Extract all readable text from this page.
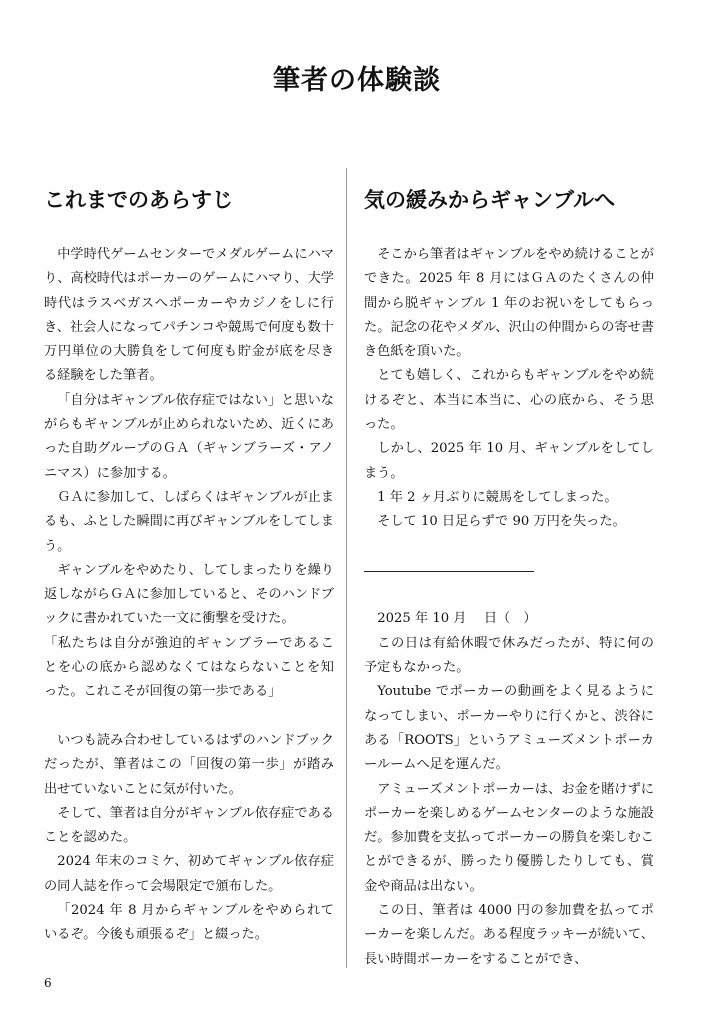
筆者の体験談
これまでのあらすじ

中学時代ゲームセンターでメダルゲームにハマり、高校時代はポーカーのゲームにハマり、大学時代はラスベガスへポーカーやカジノをしに行き、社会人になってパチンコや競馬で何度も数十万円単位の大勝負をして何度も貯金が底を尽きる経験をした筆者。

「自分はギャンブル依存症ではない」と思いながらもギャンブルが止められないため、近くにあった自助グループのＧＡ（ギャンブラーズ・アノニマス）に参加する。

ＧＡに参加して、しばらくはギャンブルが止まるも、ふとした瞬間に再びギャンブルをしてしまう。

ギャンブルをやめたり、してしまったりを繰り返しながらＧＡに参加していると、そのハンドブックに書かれていた一文に衝撃を受けた。

「私たちは自分が強迫的ギャンブラーであることを心の底から認めなくてはならないことを知った。これこそが回復の第一歩である」

いつも読み合わせしているはずのハンドブックだったが、筆者はこの「回復の第一歩」が踏み出せていないことに気が付いた。

そして、筆者は自分がギャンブル依存症であることを認めた。

2024 年末のコミケ、初めてギャンブル依存症の同人誌を作って会場限定で頒布した。

「2024 年 8 月からギャンブルをやめられているぞ。今後も頑張るぞ」と綴った。

気の緩みからギャンブルへ

そこから筆者はギャンブルをやめ続けることができた。2025 年 8 月にはＧＡのたくさんの仲間から脱ギャンブル 1 年のお祝いをしてもらった。記念の花やメダル、沢山の仲間からの寄せ書き色紙を頂いた。

とても嬉しく、これからもギャンブルをやめ続けるぞと、本当に本当に、心の底から、そう思った。

しかし、2025 年 10 月、ギャンブルをしてしまう。

1 年 2 ヶ月ぶりに競馬をしてしまった。

そして 10 日足らずで 90 万円を失った。

2025 年 10 月　 日（　）

この日は有給休暇で休みだったが、特に何の予定もなかった。

Youtube でポーカーの動画をよく見るようになってしまい、ポーカーやりに行くかと、渋谷にある「ROOTS」というアミューズメントポーカールームへ足を運んだ。

アミューズメントポーカーは、お金を賭けずにポーカーを楽しめるゲームセンターのような施設だ。参加費を支払ってポーカーの勝負を楽しむことができるが、勝ったり優勝したりしても、賞金や商品は出ない。

この日、筆者は 4000 円の参加費を払ってポーカーを楽しんだ。ある程度ラッキーが続いて、長い時間ポーカーをすることができ、

6
